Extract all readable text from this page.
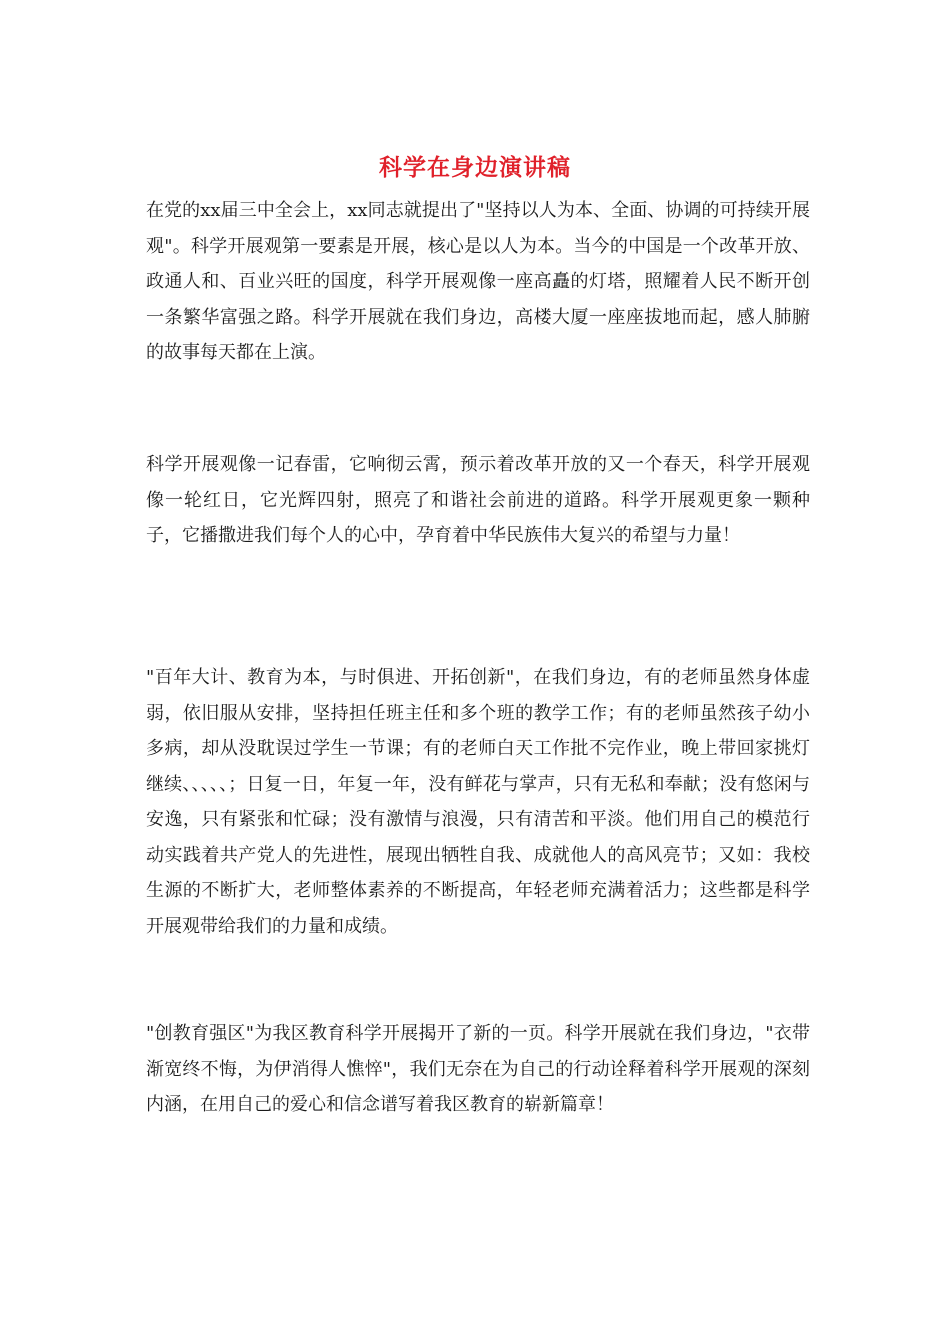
科学在身边演讲稿

在党的xx届三中全会上，xx同志就提出了"坚持以人为本、全面、协调的可持续开展观"。科学开展观第一要素是开展，核心是以人为本。当今的中国是一个改革开放、政通人和、百业兴旺的国度，科学开展观像一座高矗的灯塔，照耀着人民不断开创一条繁华富强之路。科学开展就在我们身边，高楼大厦一座座拔地而起，感人肺腑的故事每天都在上演。

科学开展观像一记春雷，它响彻云霄，预示着改革开放的又一个春天，科学开展观像一轮红日，它光辉四射，照亮了和谐社会前进的道路。科学开展观更象一颗种子，它播撒进我们每个人的心中，孕育着中华民族伟大复兴的希望与力量！

"百年大计、教育为本，与时俱进、开拓创新"，在我们身边，有的老师虽然身体虚弱，依旧服从安排，坚持担任班主任和多个班的教学工作；有的老师虽然孩子幼小多病，却从没耽误过学生一节课；有的老师白天工作批不完作业，晚上带回家挑灯继续、、、、、；日复一日，年复一年，没有鲜花与掌声，只有无私和奉献；没有悠闲与安逸，只有紧张和忙碌；没有激情与浪漫，只有清苦和平淡。他们用自己的模范行动实践着共产党人的先进性，展现出牺牲自我、成就他人的高风亮节；又如：我校生源的不断扩大，老师整体素养的不断提高，年轻老师充满着活力；这些都是科学开展观带给我们的力量和成绩。

"创教育强区"为我区教育科学开展揭开了新的一页。科学开展就在我们身边，"衣带渐宽终不悔，为伊消得人憔悴"，我们无奈在为自己的行动诠释着科学开展观的深刻内涵，在用自己的爱心和信念谱写着我区教育的崭新篇章！
